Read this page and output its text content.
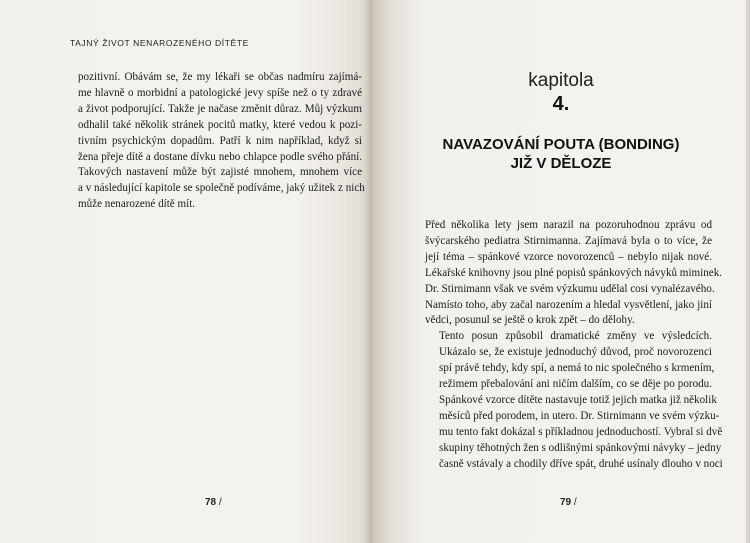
TAJNÝ ŽIVOT NENAROZENÉHO DÍTĚTE
pozitivní. Obávám se, že my lékaři se občas nadmíru zajímá-
me hlavně o morbidní a patologické jevy spíše než o ty zdravé
a život podporující. Takže je načase změnit důraz. Můj výzkum
odhalil také několik stránek pocitů matky, které vedou k pozi-
tivním psychickým dopadům. Patří k nim například, když si
žena přeje dítě a dostane dívku nebo chlapce podle svého přání.
Takových nastavení může být zajisté mnohem, mnohem více
a v následující kapitole se společně podíváme, jaký užitek z nich
může nenarozené dítě mít.
78 /
kapitola
4.
NAVAZOVÁNÍ POUTA (BONDING)
JIŽ V DĚLOZE

Před několika lety jsem narazil na pozoruhodnou zprávu od
švýcarského pediatra Stirnimanna. Zajímavá byla o to více, že
její téma – spánkové vzorce novorozenců – nebylo nijak nové.
Lékařské knihovny jsou plné popisů spánkových návyků miminek.
Dr. Stirnimann však ve svém výzkumu udělal cosi vynalézavého.
Namísto toho, aby začal narozením a hledal vysvětlení, jako jiní
vědci, posunul se ještě o krok zpět – do dělohy.

Tento posun způsobil dramatické změny ve výsledcích.
Ukázalo se, že existuje jednoduchý důvod, proč novorozenci
spí právě tehdy, kdy spí, a nemá to nic společného s krmením,
režimem přebalování ani ničím dalším, co se děje po porodu.
Spánkové vzorce dítěte nastavuje totiž jejich matka již několik
měsíců před porodem, in utero. Dr. Stirnimann ve svém výzku-
mu tento fakt dokázal s příkladnou jednoduchostí. Vybral si dvě
skupiny těhotných žen s odlišnými spánkovými návyky – jedny
časně vstávaly a chodily dříve spát, druhé usínaly dlouho v noci

79 /
